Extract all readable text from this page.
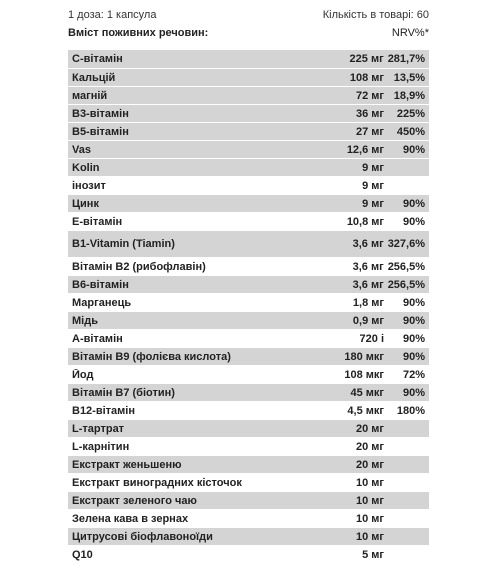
1 доза: 1 капсула	Кількість в товарі: 60
Вміст поживних речовин:	NRV%*
С-вітамін	225 мг 281,7%
Кальцій	108 мг 13,5%
магній	72 мг 18,9%
В3-вітамін	36 мг	225%
В5-вітамін	27 мг	450%
Vas	12,6 мг	90%
Kolin	9 мг
інозит	9 мг
Цинк	9 мг	90%
Е-вітамін	10,8 мг	90%
B1-Vitamin (Tiamin)	3,6 мг 327,6%
Вітамін В2 (рибофлавін)	3,6 мг 256,5%
В6-вітамін	3,6 мг 256,5%
Марганець	1,8 мг	90%
Мідь	0,9 мг	90%
А-вітамін	720 і	90%
Вітамін В9 (фолієва кислота)	180 мкг	90%
Йод	108 мкг	72%
Вітамін В7 (біотин)	45 мкг	90%
В12-вітамін	4,5 мкг	180%
L-тартрат	20 мг
L-карнітин	20 мг
Екстракт женьшеню	20 мг
Екстракт виноградних кісточок	10 мг
Екстракт зеленого чаю	10 мг
Зелена кава в зернах	10 мг
Цитрусові біофлавоноїди	10 мг
Q10	5 мг
